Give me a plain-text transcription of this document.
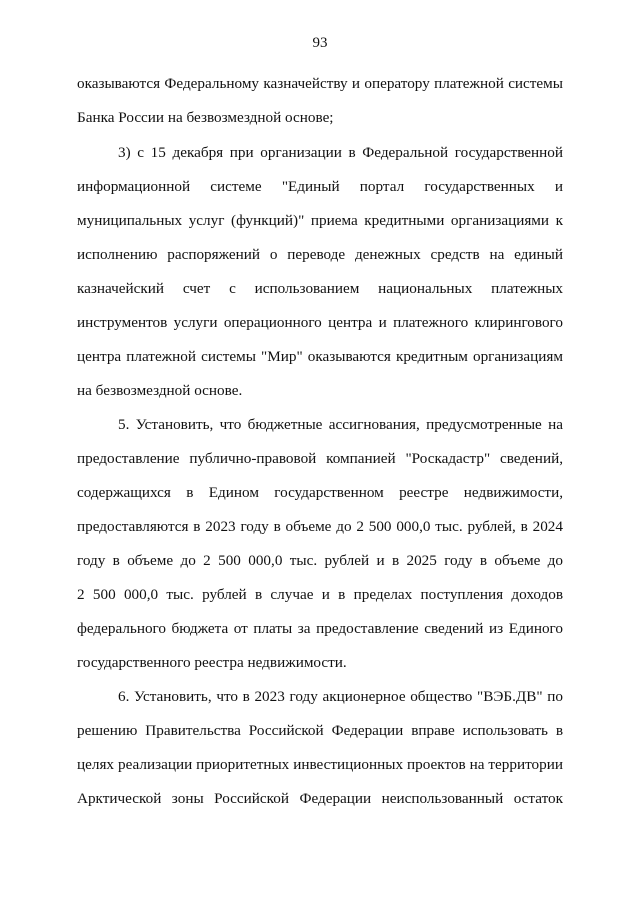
93
оказываются Федеральному казначейству и оператору платежной системы
Банка России на безвозмездной основе;
3) с 15 декабря при организации в Федеральной государственной
информационной системе "Единый портал государственных и
муниципальных услуг (функций)" приема кредитными организациями к
исполнению распоряжений о переводе денежных средств на единый
казначейский счет с использованием национальных платежных
инструментов услуги операционного центра и платежного клирингового
центра платежной системы "Мир" оказываются кредитным организациям
на безвозмездной основе.
5. Установить, что бюджетные ассигнования, предусмотренные на
предоставление публично-правовой компанией "Роскадастр" сведений,
содержащихся в Едином государственном реестре недвижимости,
предоставляются в 2023 году в объеме до 2 500 000,0 тыс. рублей, в 2024
году в объеме до 2 500 000,0 тыс. рублей и в 2025 году в объеме до
2 500 000,0 тыс. рублей в случае и в пределах поступления доходов
федерального бюджета от платы за предоставление сведений из Единого
государственного реестра недвижимости.
6. Установить, что в 2023 году акционерное общество "ВЭБ.ДВ" по
решению Правительства Российской Федерации вправе использовать в
целях реализации приоритетных инвестиционных проектов на территории
Арктической зоны Российской Федерации неиспользованный остаток
